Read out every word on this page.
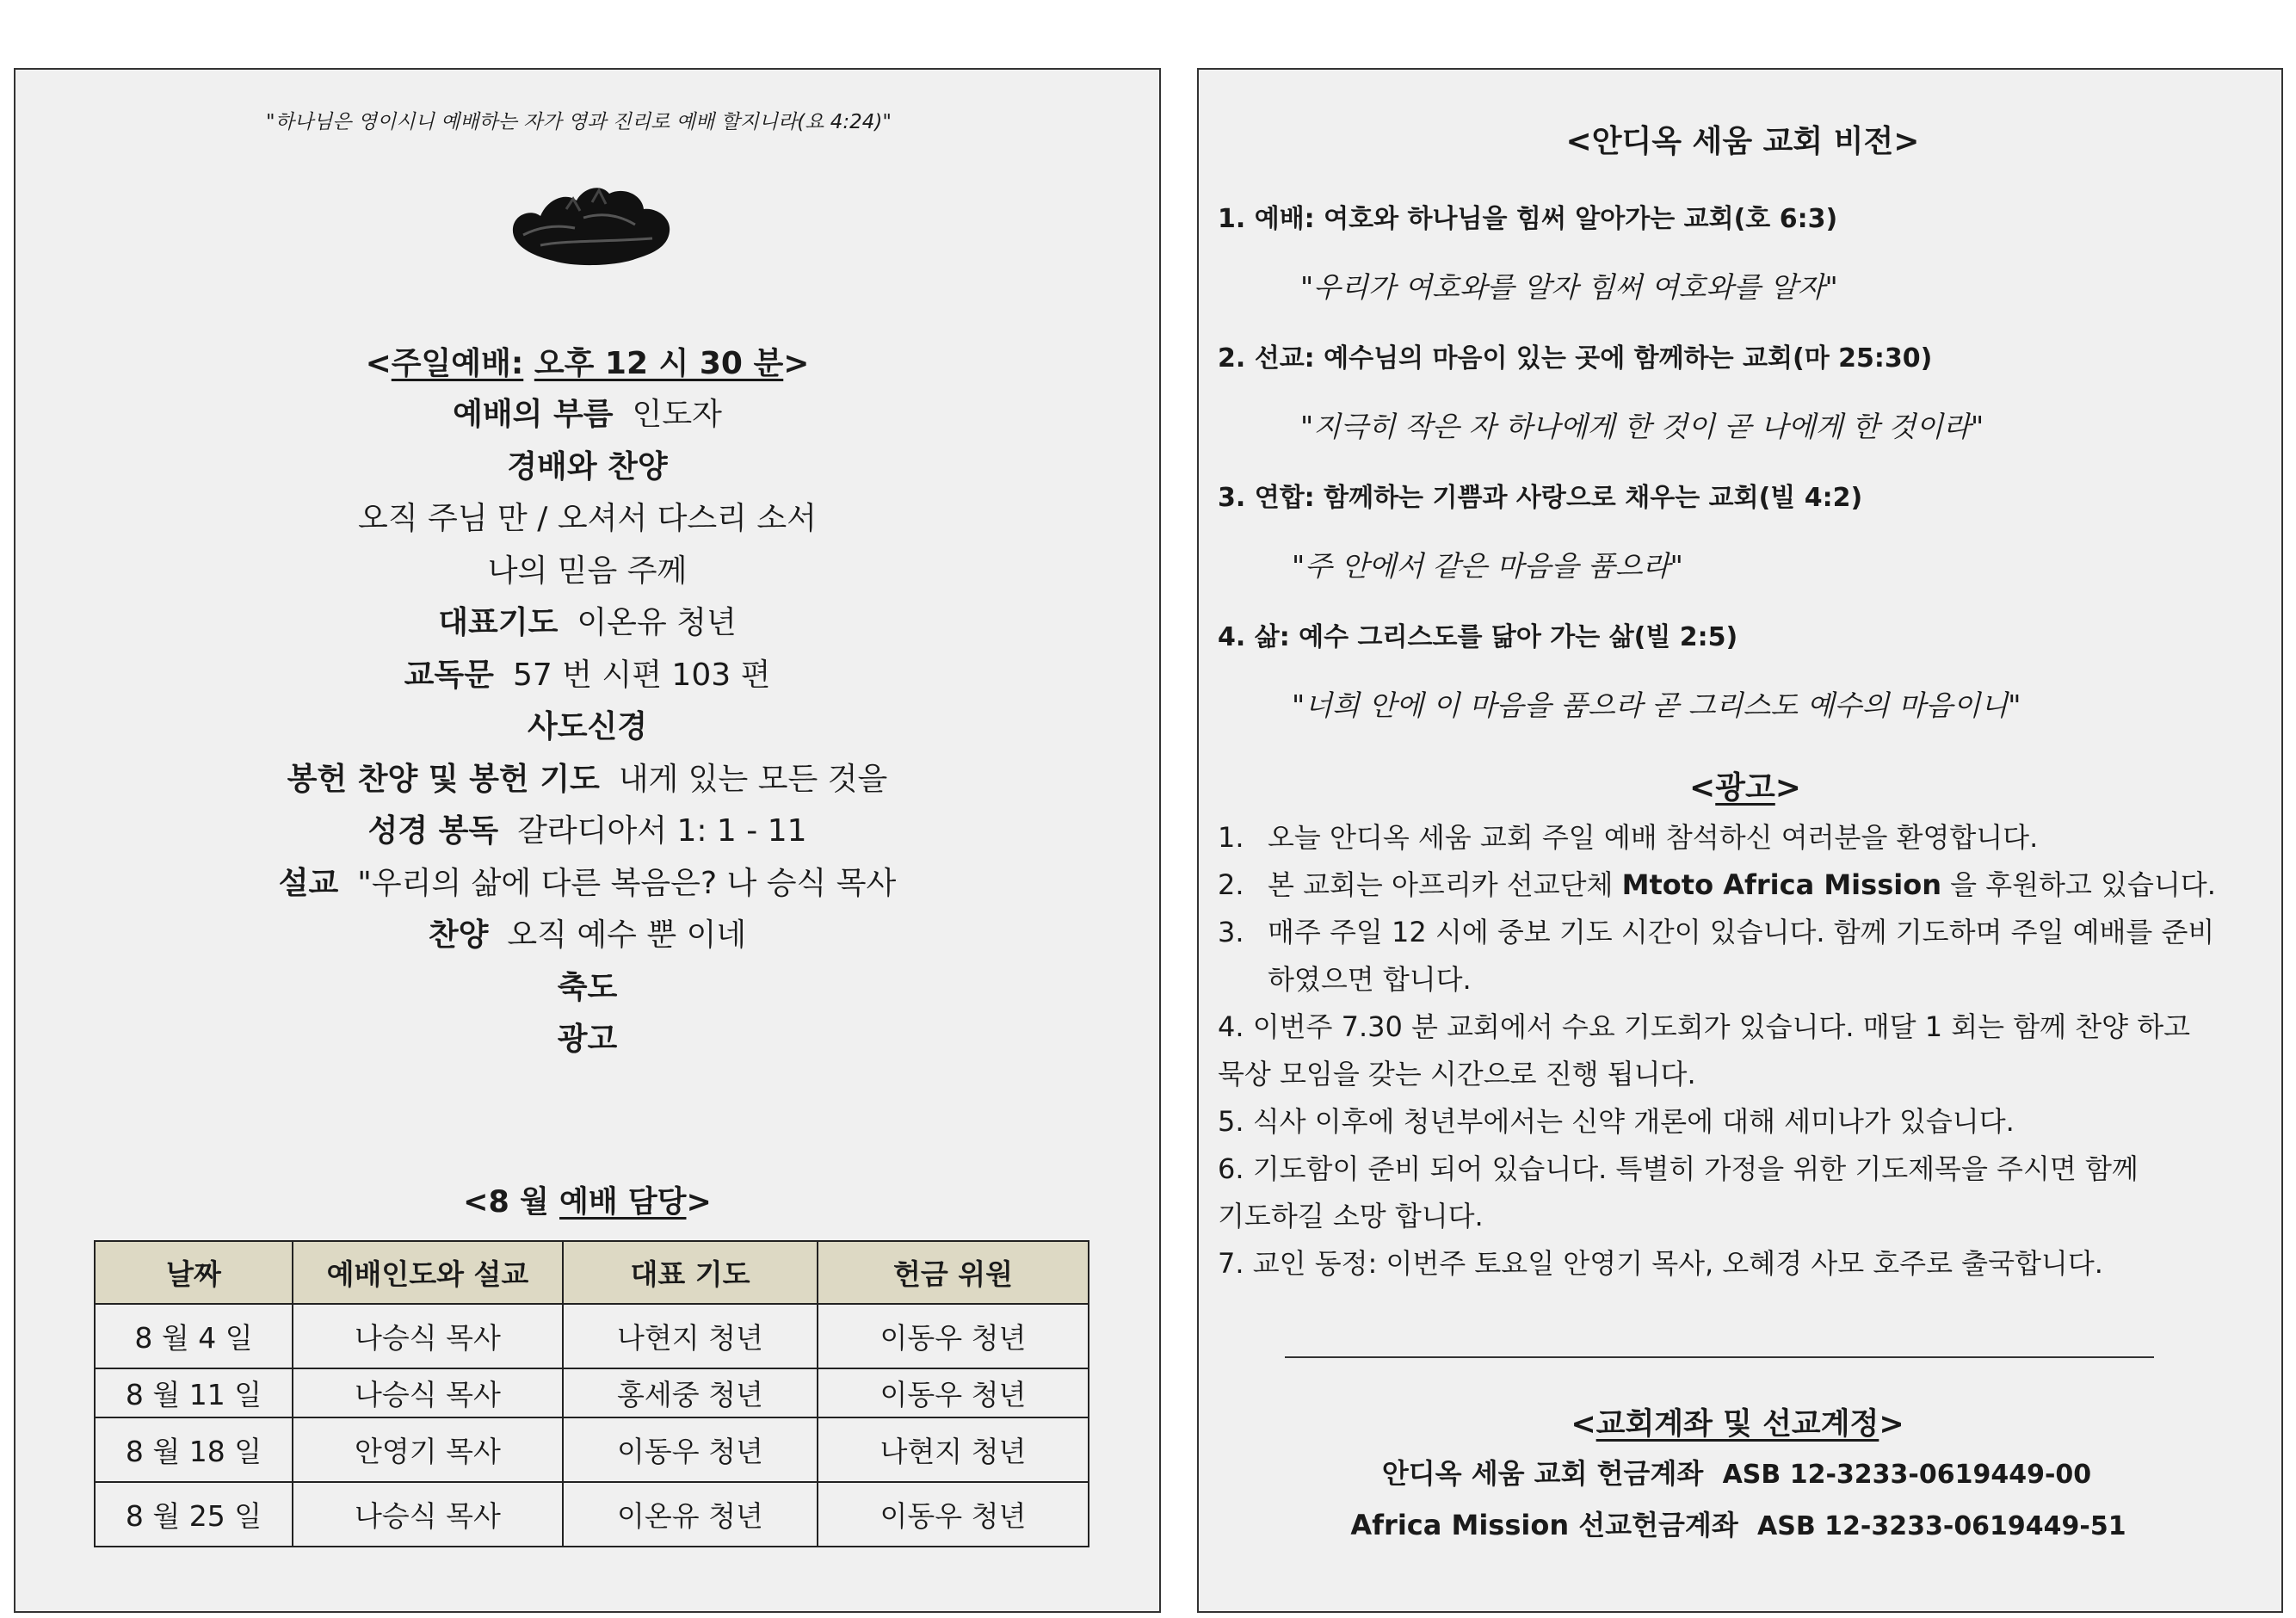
"하나님은 영이시니 예배하는 자가 영과 진리로 예배 할지니라(요 4:24)"
<주일예배: 오후 12 시 30 분>
예배의 부름 인도자
경배와 찬양
오직 주님 만 / 오셔서 다스리 소서
나의 믿음 주께
대표기도 이온유 청년
교독문 57 번 시편 103 편
사도신경
봉헌 찬양 및 봉헌 기도 내게 있는 모든 것을
성경 봉독 갈라디아서 1: 1 - 11
설교 "우리의 삶에 다른 복음은? 나 승식 목사
찬양 오직 예수 뿐 이네
축도
광고
<8 월 예배 담당>
날짜	예배인도와 설교	대표 기도	헌금 위원
8 월 4 일	나승식 목사	나현지 청년	이동우 청년
8 월 11 일	나승식 목사	홍세중 청년	이동우 청년
8 월 18 일	안영기 목사	이동우 청년	나현지 청년
8 월 25 일	나승식 목사	이온유 청년	이동우 청년
<안디옥 세움 교회 비전>
1. 예배: 여호와 하나님을 힘써 알아가는 교회(호 6:3)
"우리가 여호와를 알자 힘써 여호와를 알자"
2. 선교: 예수님의 마음이 있는 곳에 함께하는 교회(마 25:30)
"지극히 작은 자 하나에게 한 것이 곧 나에게 한 것이라"
3. 연합: 함께하는 기쁨과 사랑으로 채우는 교회(빌 4:2)
"주 안에서 같은 마음을 품으라"
4. 삶: 예수 그리스도를 닮아 가는 삶(빌 2:5)
"너희 안에 이 마음을 품으라 곧 그리스도 예수의 마음이니"
<광고>
1. 오늘 안디옥 세움 교회 주일 예배 참석하신 여러분을 환영합니다.
2. 본 교회는 아프리카 선교단체 Mtoto Africa Mission 을 후원하고 있습니다.
3. 매주 주일 12 시에 중보 기도 시간이 있습니다. 함께 기도하며 주일 예배를 준비
하였으면 합니다.
4. 이번주 7.30 분 교회에서 수요 기도회가 있습니다. 매달 1 회는 함께 찬양 하고
묵상 모임을 갖는 시간으로 진행 됩니다.
5. 식사 이후에 청년부에서는 신약 개론에 대해 세미나가 있습니다.
6. 기도함이 준비 되어 있습니다. 특별히 가정을 위한 기도제목을 주시면 함께
기도하길 소망 합니다.
7. 교인 동정: 이번주 토요일 안영기 목사, 오혜경 사모 호주로 출국합니다.
<교회계좌 및 선교계정>
안디옥 세움 교회 헌금계좌 ASB 12-3233-0619449-00
Africa Mission 선교헌금계좌 ASB 12-3233-0619449-51
